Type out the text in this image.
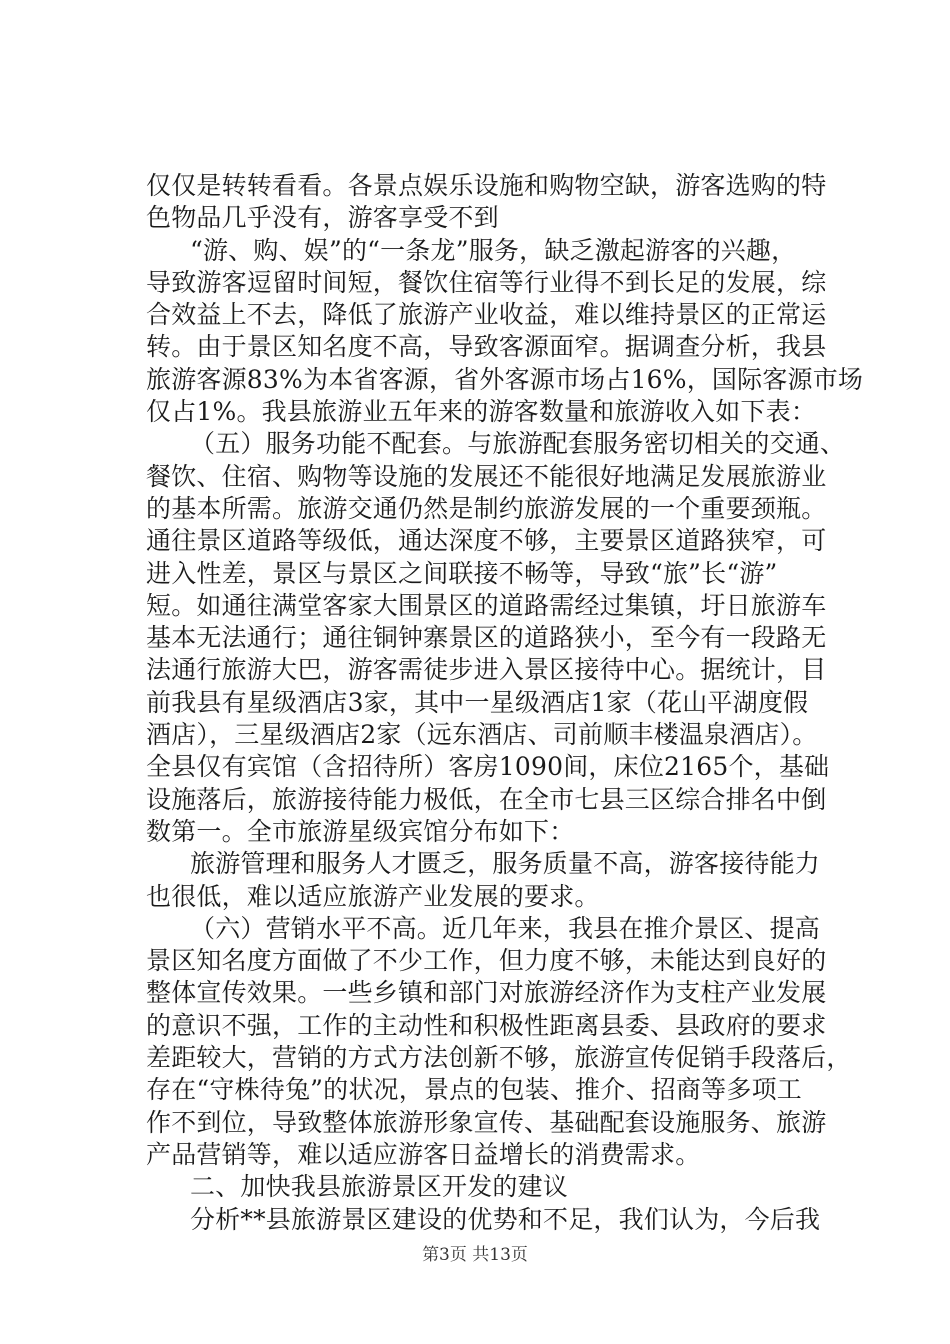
仅仅是转转看看。各景点娱乐设施和购物空缺，游客选购的特
色物品几乎没有，游客享受不到
“游、购、娱”的“一条龙”服务，缺乏激起游客的兴趣，
导致游客逗留时间短，餐饮住宿等行业得不到长足的发展，综
合效益上不去，降低了旅游产业收益，难以维持景区的正常运
转。由于景区知名度不高，导致客源面窄。据调查分析，我县
旅游客源83%为本省客源，省外客源市场占16%，国际客源市场
仅占1%。我县旅游业五年来的游客数量和旅游收入如下表：
（五）服务功能不配套。与旅游配套服务密切相关的交通、
餐饮、住宿、购物等设施的发展还不能很好地满足发展旅游业
的基本所需。旅游交通仍然是制约旅游发展的一个重要颈瓶。
通往景区道路等级低，通达深度不够，主要景区道路狭窄，可
进入性差，景区与景区之间联接不畅等，导致“旅”长“游”
短。如通往满堂客家大围景区的道路需经过集镇，圩日旅游车
基本无法通行；通往铜钟寨景区的道路狭小，至今有一段路无
法通行旅游大巴，游客需徒步进入景区接待中心。据统计，目
前我县有星级酒店3家，其中一星级酒店1家（花山平湖度假
酒店），三星级酒店2家（远东酒店、司前顺丰楼温泉酒店）。
全县仅有宾馆（含招待所）客房1090间，床位2165个，基础
设施落后，旅游接待能力极低，在全市七县三区综合排名中倒
数第一。全市旅游星级宾馆分布如下：
旅游管理和服务人才匮乏，服务质量不高，游客接待能力
也很低，难以适应旅游产业发展的要求。
（六）营销水平不高。近几年来，我县在推介景区、提高
景区知名度方面做了不少工作，但力度不够，未能达到良好的
整体宣传效果。一些乡镇和部门对旅游经济作为支柱产业发展
的意识不强，工作的主动性和积极性距离县委、县政府的要求
差距较大，营销的方式方法创新不够，旅游宣传促销手段落后，
存在“守株待兔”的状况，景点的包装、推介、招商等多项工
作不到位，导致整体旅游形象宣传、基础配套设施服务、旅游
产品营销等，难以适应游客日益增长的消费需求。
二、加快我县旅游景区开发的建议
分析**县旅游景区建设的优势和不足，我们认为，今后我
第3页 共13页
